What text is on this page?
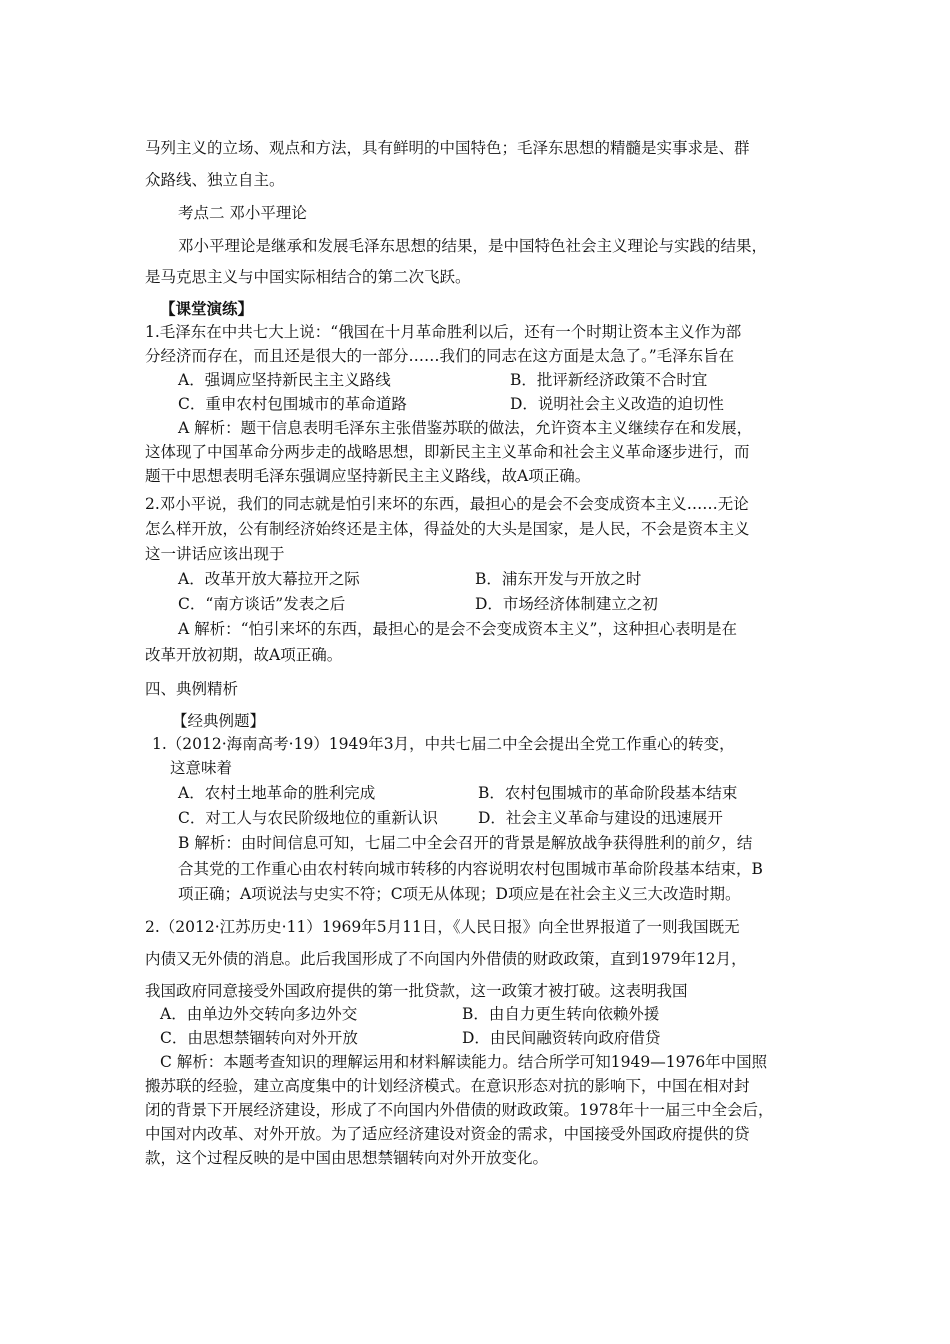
马列主义的立场、观点和方法，具有鲜明的中国特色；毛泽东思想的精髓是实事求是、群
众路线、独立自主。
考点二 邓小平理论
邓小平理论是继承和发展毛泽东思想的结果，是中国特色社会主义理论与实践的结果，
是马克思主义与中国实际相结合的第二次飞跃。
【课堂演练】
1.毛泽东在中共七大上说：“俄国在十月革命胜利以后，还有一个时期让资本主义作为部
分经济而存在，而且还是很大的一部分……我们的同志在这方面是太急了。”毛泽东旨在
A．强调应坚持新民主主义路线	B．批评新经济政策不合时宜
C．重申农村包围城市的革命道路	D．说明社会主义改造的迫切性
A 解析：题干信息表明毛泽东主张借鉴苏联的做法，允许资本主义继续存在和发展，
这体现了中国革命分两步走的战略思想，即新民主主义革命和社会主义革命逐步进行，而
题干中思想表明毛泽东强调应坚持新民主主义路线，故A项正确。
2.邓小平说，我们的同志就是怕引来坏的东西，最担心的是会不会变成资本主义……无论
怎么样开放，公有制经济始终还是主体，得益处的大头是国家，是人民，不会是资本主义
这一讲话应该出现于
A．改革开放大幕拉开之际	B．浦东开发与开放之时
C．“南方谈话”发表之后	D．市场经济体制建立之初
A 解析：“怕引来坏的东西，最担心的是会不会变成资本主义”，这种担心表明是在
改革开放初期，故A项正确。
四、典例精析
【经典例题】
1.（2012·海南高考·19）1949年3月，中共七届二中全会提出全党工作重心的转变，
这意味着
A．农村土地革命的胜利完成	B．农村包围城市的革命阶段基本结束
C．对工人与农民阶级地位的重新认识	D．社会主义革命与建设的迅速展开
B 解析：由时间信息可知，七届二中全会召开的背景是解放战争获得胜利的前夕，结
合其党的工作重心由农村转向城市转移的内容说明农村包围城市革命阶段基本结束，B
项正确；A项说法与史实不符；C项无从体现；D项应是在社会主义三大改造时期。
2.（2012·江苏历史·11）1969年5月11日，《人民日报》向全世界报道了一则我国既无
内债又无外债的消息。此后我国形成了不向国内外借债的财政政策，直到1979年12月，
我国政府同意接受外国政府提供的第一批贷款，这一政策才被打破。这表明我国
A．由单边外交转向多边外交	B．由自力更生转向依赖外援
C．由思想禁锢转向对外开放	D．由民间融资转向政府借贷
C 解析：本题考查知识的理解运用和材料解读能力。结合所学可知1949—1976年中国照
搬苏联的经验，建立高度集中的计划经济模式。在意识形态对抗的影响下，中国在相对封
闭的背景下开展经济建设，形成了不向国内外借债的财政政策。1978年十一届三中全会后，
中国对内改革、对外开放。为了适应经济建设对资金的需求，中国接受外国政府提供的贷
款，这个过程反映的是中国由思想禁锢转向对外开放变化。
